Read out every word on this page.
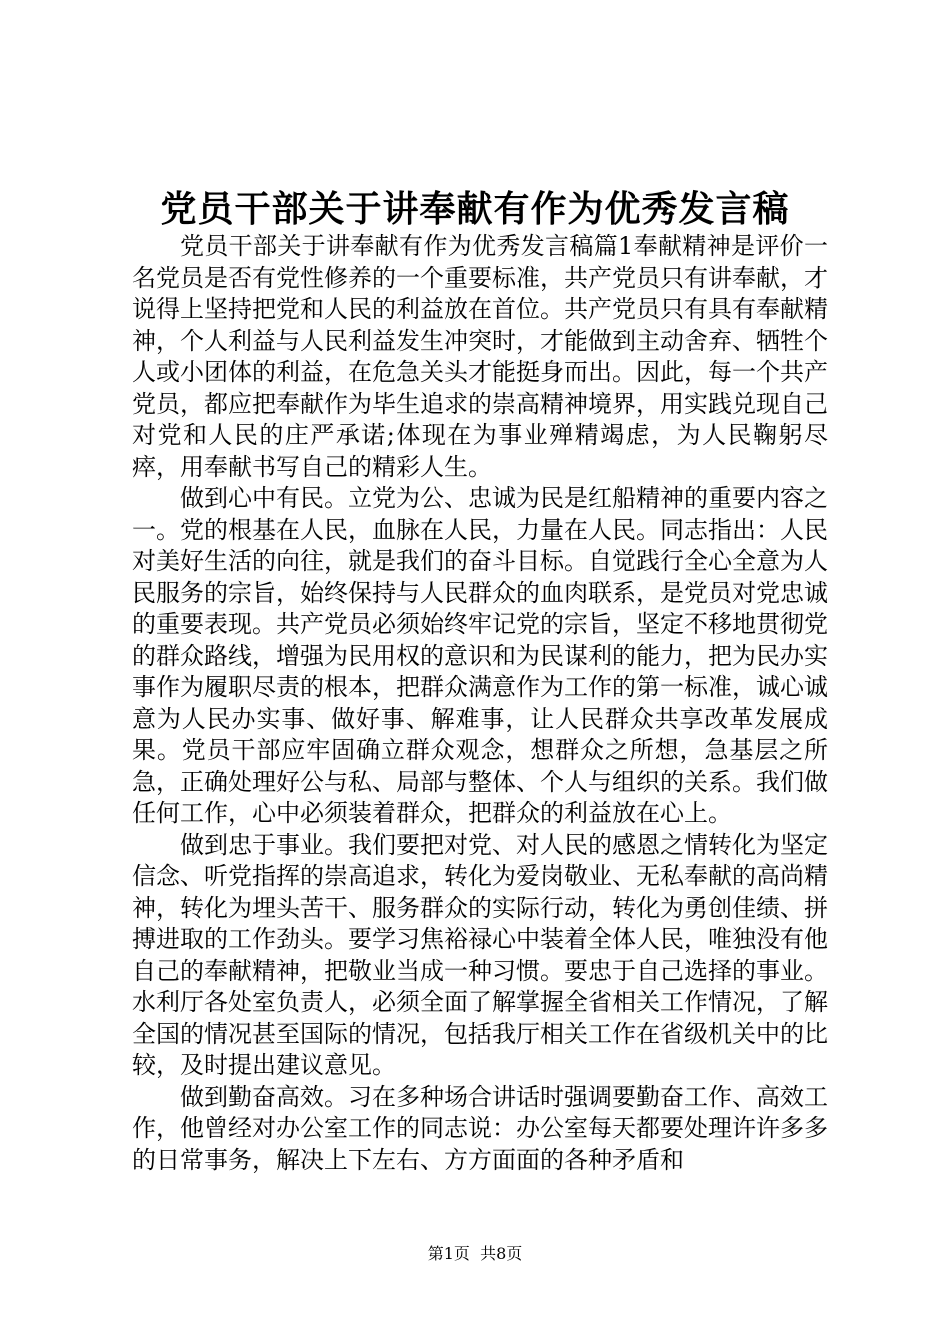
党员干部关于讲奉献有作为优秀发言稿

党员干部关于讲奉献有作为优秀发言稿篇1奉献精神是评价一名党员是否有党性修养的一个重要标准，共产党员只有讲奉献，才说得上坚持把党和人民的利益放在首位。共产党员只有具有奉献精神，个人利益与人民利益发生冲突时，才能做到主动舍弃、牺牲个人或小团体的利益，在危急关头才能挺身而出。因此，每一个共产党员，都应把奉献作为毕生追求的崇高精神境界，用实践兑现自己对党和人民的庄严承诺;体现在为事业殚精竭虑，为人民鞠躬尽瘁，用奉献书写自己的精彩人生。

做到心中有民。立党为公、忠诚为民是红船精神的重要内容之一。党的根基在人民，血脉在人民，力量在人民。同志指出：人民对美好生活的向往，就是我们的奋斗目标。自觉践行全心全意为人民服务的宗旨，始终保持与人民群众的血肉联系，是党员对党忠诚的重要表现。共产党员必须始终牢记党的宗旨，坚定不移地贯彻党的群众路线，增强为民用权的意识和为民谋利的能力，把为民办实事作为履职尽责的根本，把群众满意作为工作的第一标准，诚心诚意为人民办实事、做好事、解难事，让人民群众共享改革发展成果。党员干部应牢固确立群众观念，想群众之所想，急基层之所急，正确处理好公与私、局部与整体、个人与组织的关系。我们做任何工作，心中必须装着群众，把群众的利益放在心上。

做到忠于事业。我们要把对党、对人民的感恩之情转化为坚定信念、听党指挥的崇高追求，转化为爱岗敬业、无私奉献的高尚精神，转化为埋头苦干、服务群众的实际行动，转化为勇创佳绩、拼搏进取的工作劲头。要学习焦裕禄心中装着全体人民，唯独没有他自己的奉献精神，把敬业当成一种习惯。要忠于自己选择的事业。水利厅各处室负责人，必须全面了解掌握全省相关工作情况，了解全国的情况甚至国际的情况，包括我厅相关工作在省级机关中的比较，及时提出建议意见。

做到勤奋高效。习在多种场合讲话时强调要勤奋工作、高效工作，他曾经对办公室工作的同志说：办公室每天都要处理许许多多的日常事务，解决上下左右、方方面面的各种矛盾和

第1页  共8页
